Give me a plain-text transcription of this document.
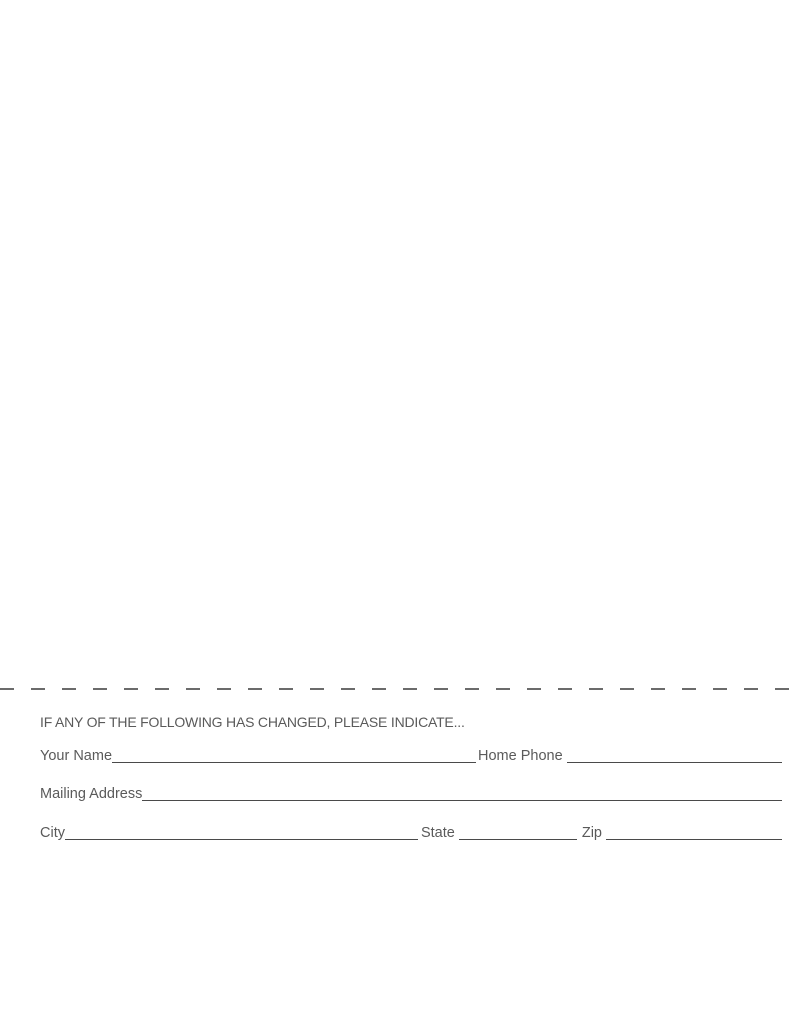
IF ANY OF THE FOLLOWING HAS CHANGED, PLEASE INDICATE...
Your Name	Home Phone
Mailing Address
City	State	Zip
